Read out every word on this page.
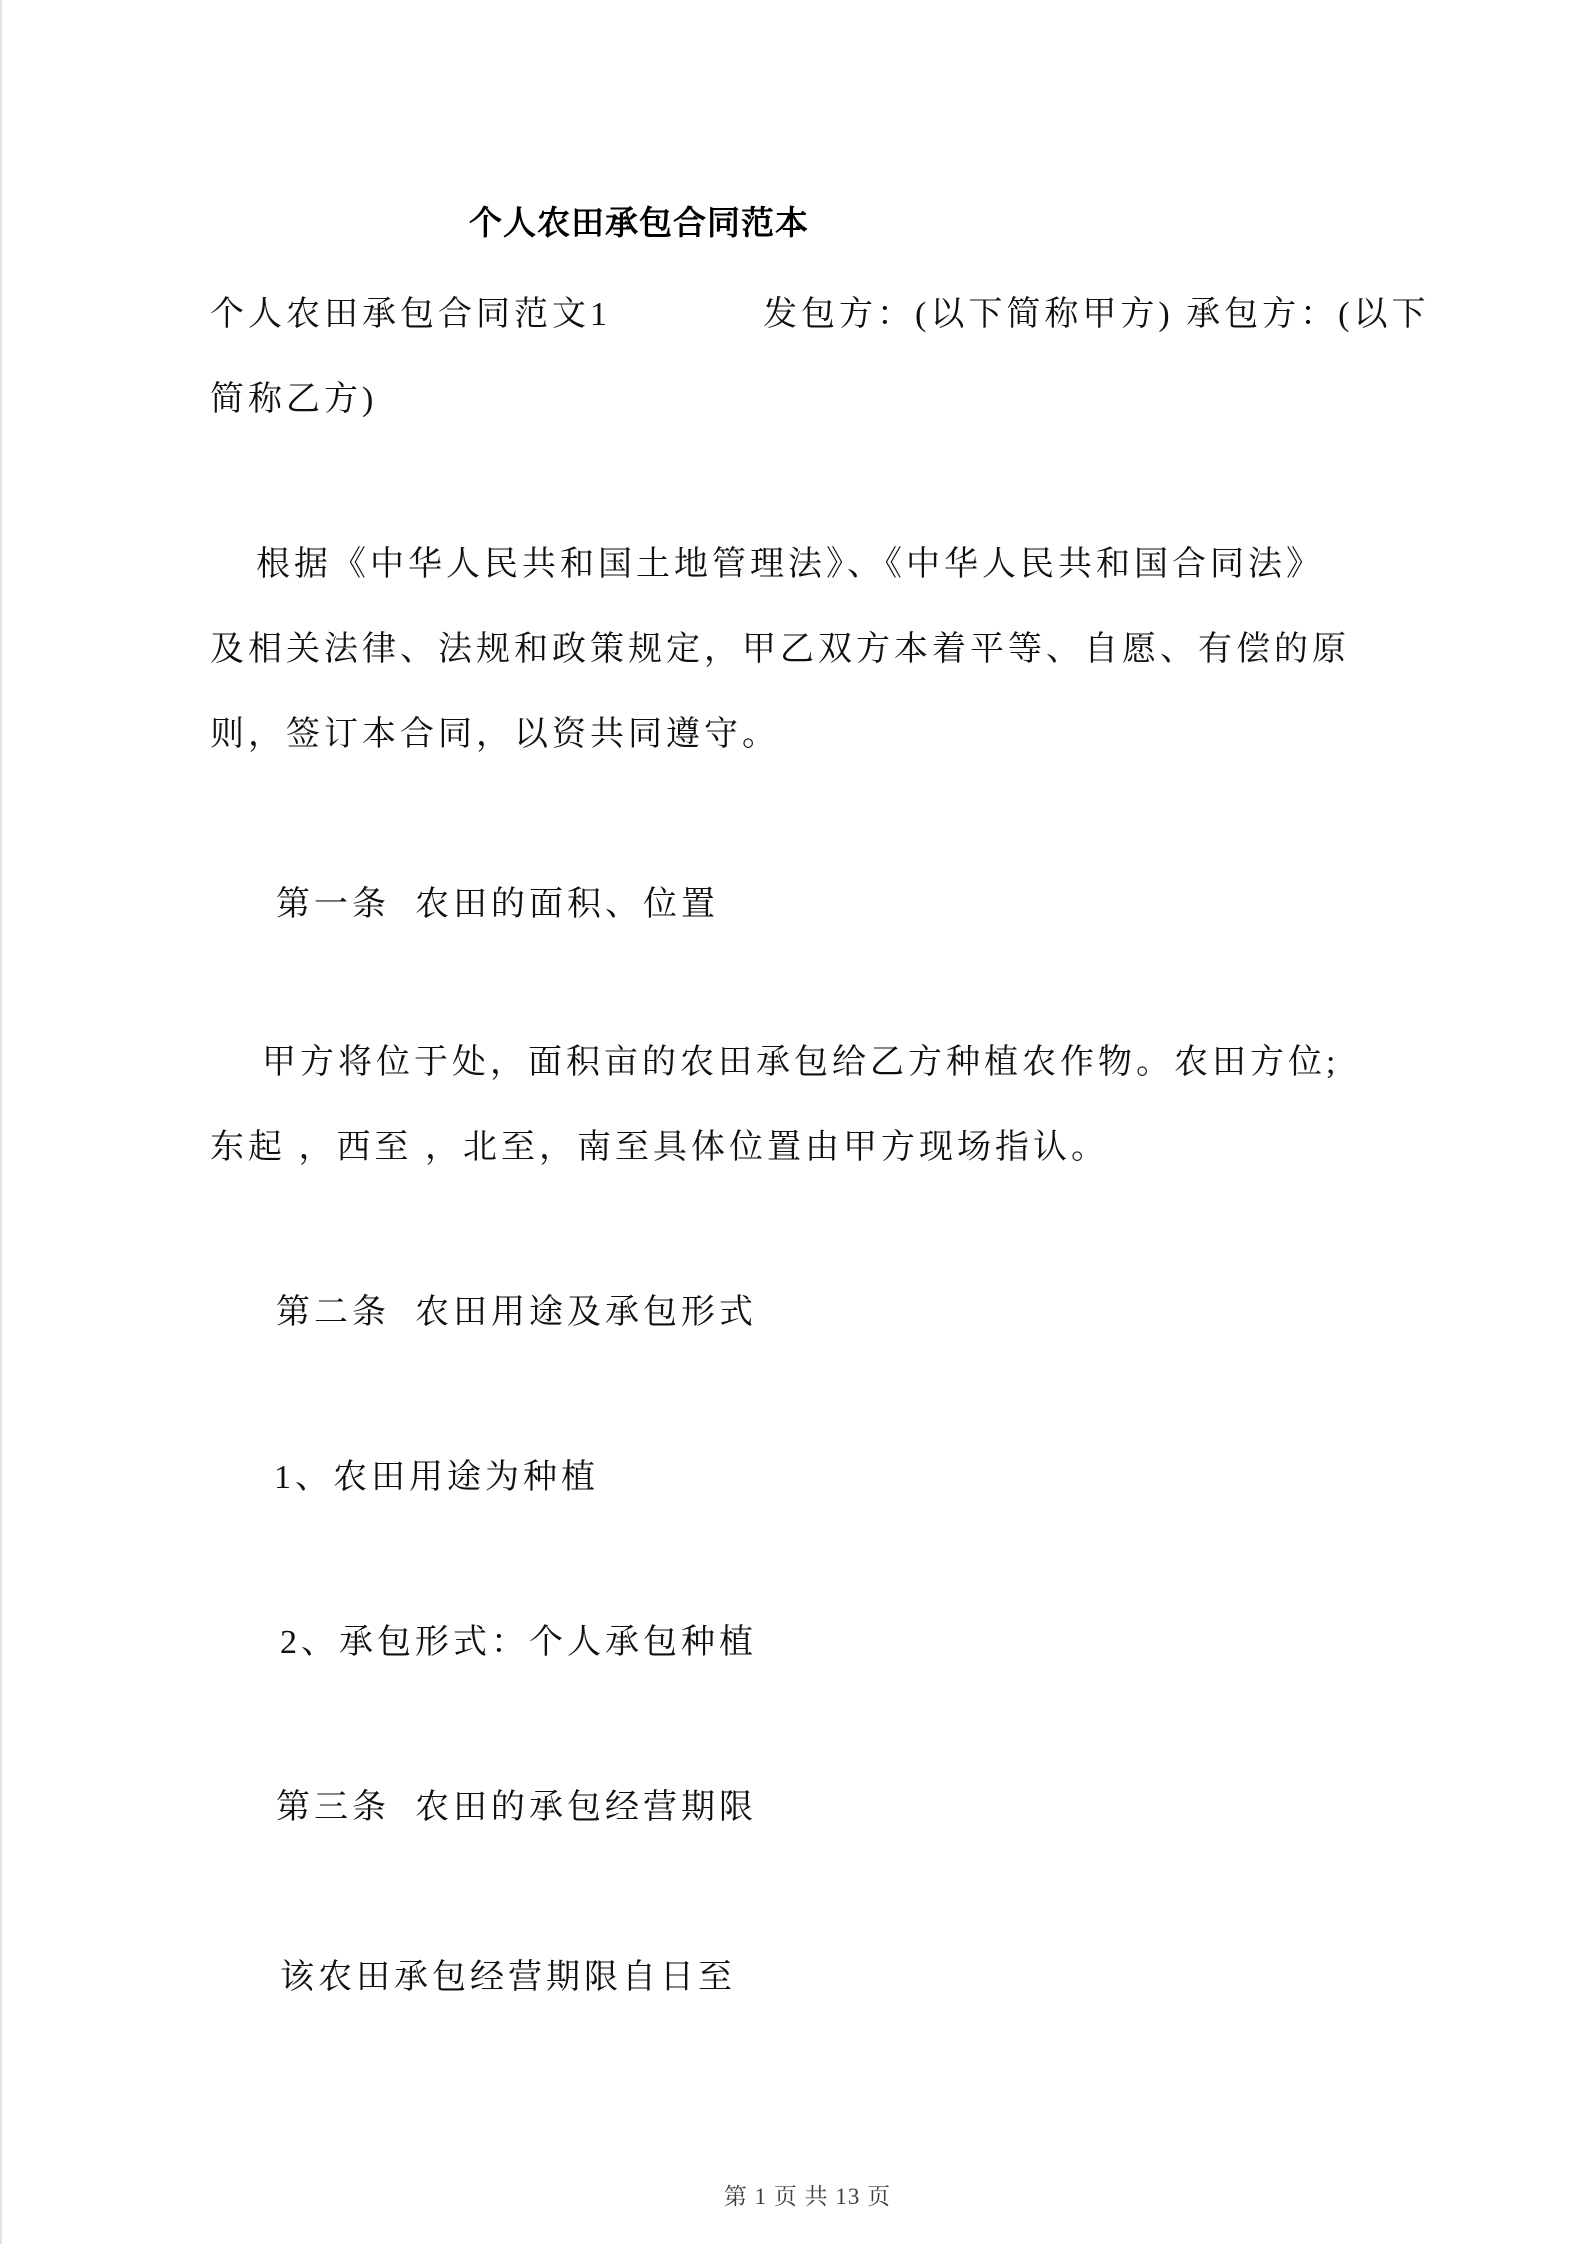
个人农田承包合同范本
个人农田承包合同范文1　　　　发包方：(以下简称甲方) 承包方：(以下
简称乙方)
根据《中华人民共和国土地管理法》、《中华人民共和国合同法》
及相关法律、法规和政策规定，甲乙双方本着平等、自愿、有偿的原
则，签订本合同，以资共同遵守。
第一条  农田的面积、位置
甲方将位于处，面积亩的农田承包给乙方种植农作物。农田方位;
东起 ，西至 ，北至，南至具体位置由甲方现场指认。
第二条  农田用途及承包形式
1、农田用途为种植
2、承包形式：个人承包种植
第三条  农田的承包经营期限
该农田承包经营期限自日至

第 1 页 共 13 页
